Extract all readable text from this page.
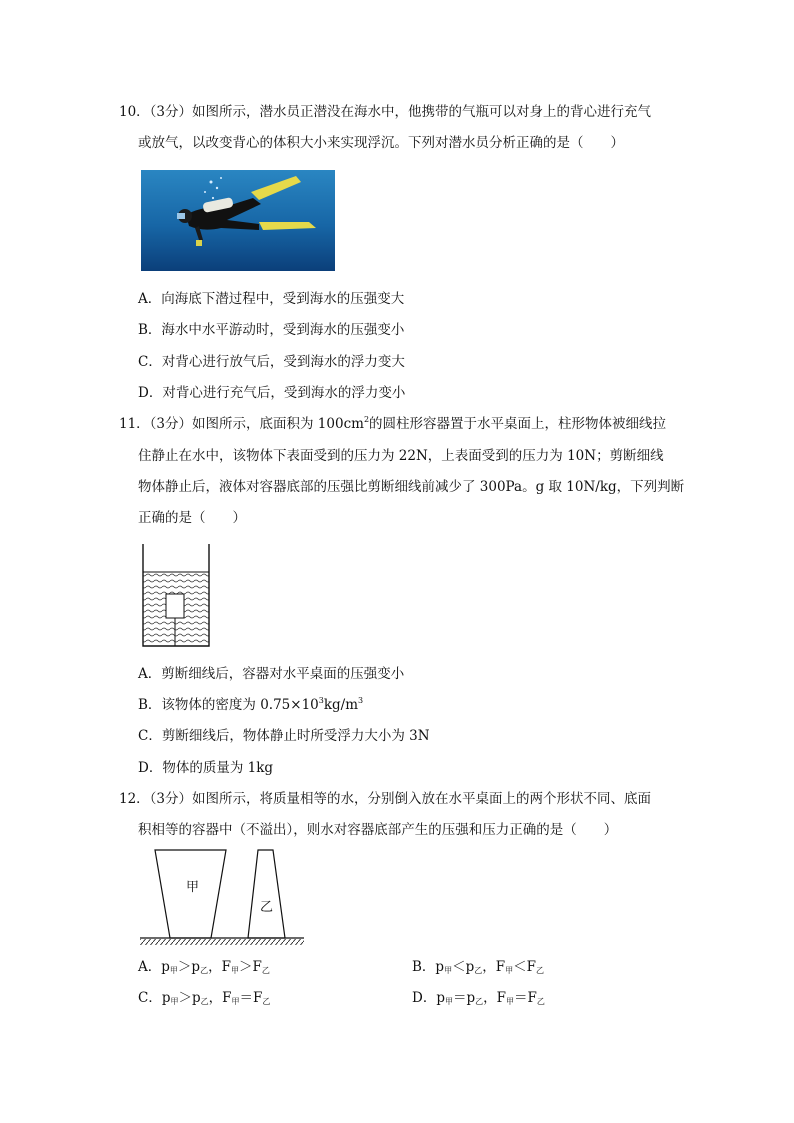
10．（3分）如图所示，潜水员正潜没在海水中，他携带的气瓶可以对身上的背心进行充气
或放气，以改变背心的体积大小来实现浮沉。下列对潜水员分析正确的是（　　）
A．向海底下潜过程中，受到海水的压强变大
B．海水中水平游动时，受到海水的压强变小
C．对背心进行放气后，受到海水的浮力变大
D．对背心进行充气后，受到海水的浮力变小
11．（3分）如图所示，底面积为 $100cm^2$的圆柱形容器置于水平桌面上，柱形物体被细线拉
住静止在水中，该物体下表面受到的压力为 22N，上表面受到的压力为 10N；剪断细线
物体静止后，液体对容器底部的压强比剪断细线前减少了 300Pa。g 取 10N/kg，下列判断
正确的是（　　）
A．剪断细线后，容器对水平桌面的压强变小
B．该物体的密度为 $0.75\times 10^3kg/m^3$
C．剪断细线后，物体静止时所受浮力大小为 3N
D．物体的质量为 1kg
12．（3分）如图所示，将质量相等的水，分别倒入放在水平桌面上的两个形状不同、底面
积相等的容器中（不溢出），则水对容器底部产生的压强和压力正确的是（　　）
甲
乙
A．$p_甲>p_乙$，$F_甲>F_乙$	B．$p_甲<p_乙$，$F_甲<F_乙$
C．$p_甲>p_乙$，$F_甲=F_乙$	D．$p_甲=p_乙$，$F_甲=F_乙$
